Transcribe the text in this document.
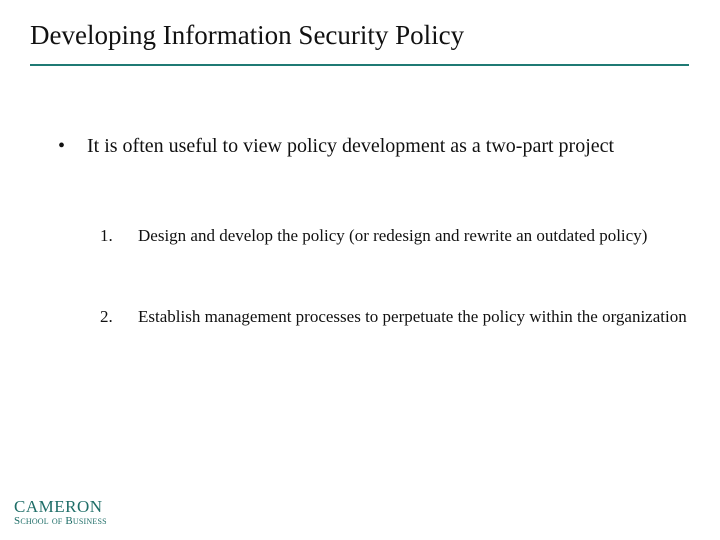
Developing Information Security Policy
•	It is often useful to view policy development as a two-part project
1.	Design and develop the policy (or redesign and rewrite an outdated policy)
2.	Establish management processes to perpetuate the policy within the organization
CAMERON
School of Business
